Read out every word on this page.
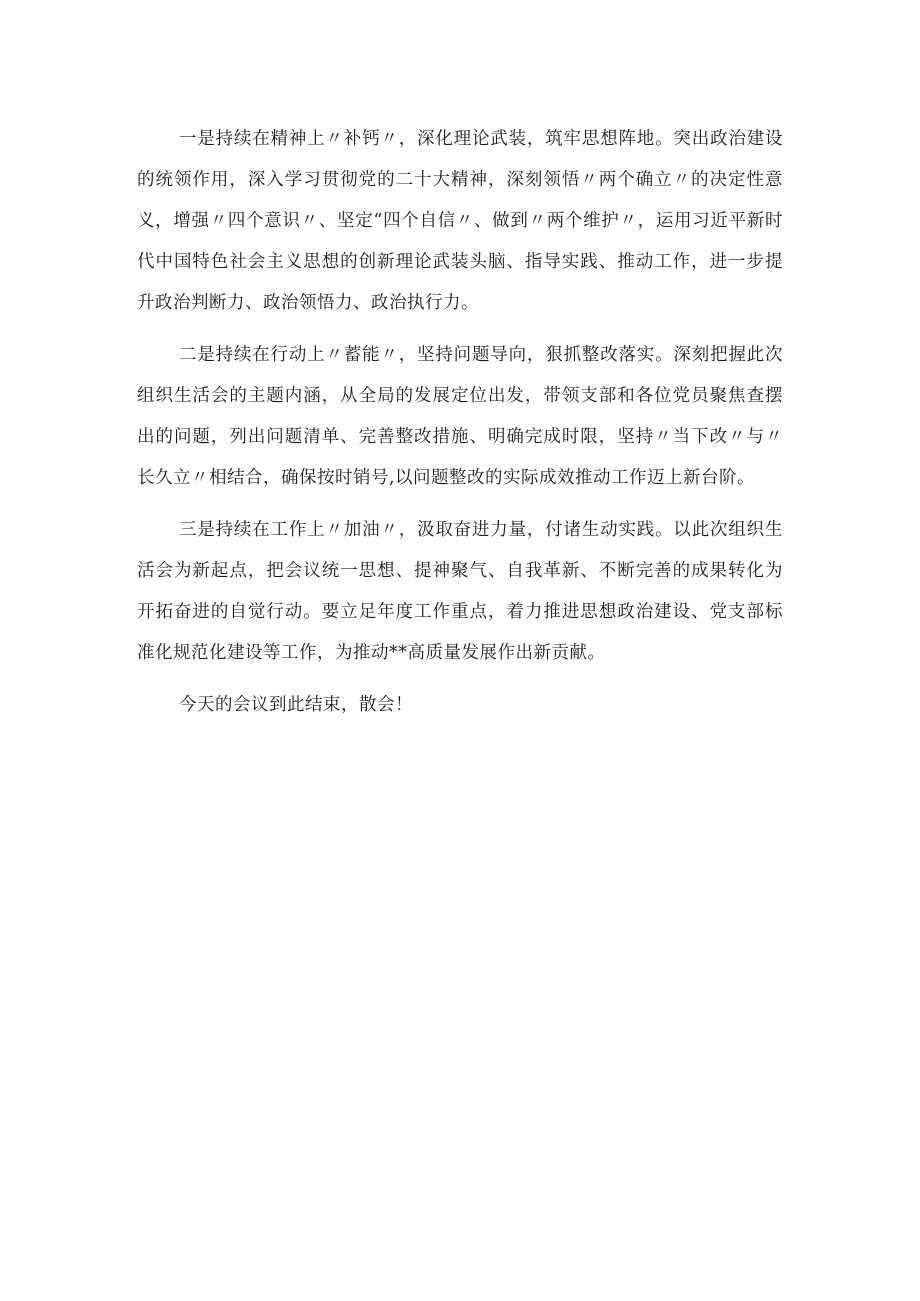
一是持续在精神上〃补钙〃，深化理论武装，筑牢思想阵地。突出政治建设的统领作用，深入学习贯彻党的二十大精神，深刻领悟〃两个确立〃的决定性意义，增强〃四个意识〃、坚定“四个自信〃、做到〃两个维护〃，运用习近平新时代中国特色社会主义思想的创新理论武装头脑、指导实践、推动工作，进一步提升政治判断力、政治领悟力、政治执行力。

二是持续在行动上〃蓄能〃，坚持问题导向，狠抓整改落实。深刻把握此次组织生活会的主题内涵，从全局的发展定位出发，带领支部和各位党员聚焦查摆出的问题，列出问题清单、完善整改措施、明确完成时限，坚持〃当下改〃与〃长久立〃相结合，确保按时销号,以问题整改的实际成效推动工作迈上新台阶。

三是持续在工作上〃加油〃，汲取奋进力量，付诸生动实践。以此次组织生活会为新起点，把会议统一思想、提神聚气、自我革新、不断完善的成果转化为开拓奋进的自觉行动。要立足年度工作重点，着力推进思想政治建设、党支部标准化规范化建设等工作，为推动**高质量发展作出新贡献。

今天的会议到此结束，散会！
